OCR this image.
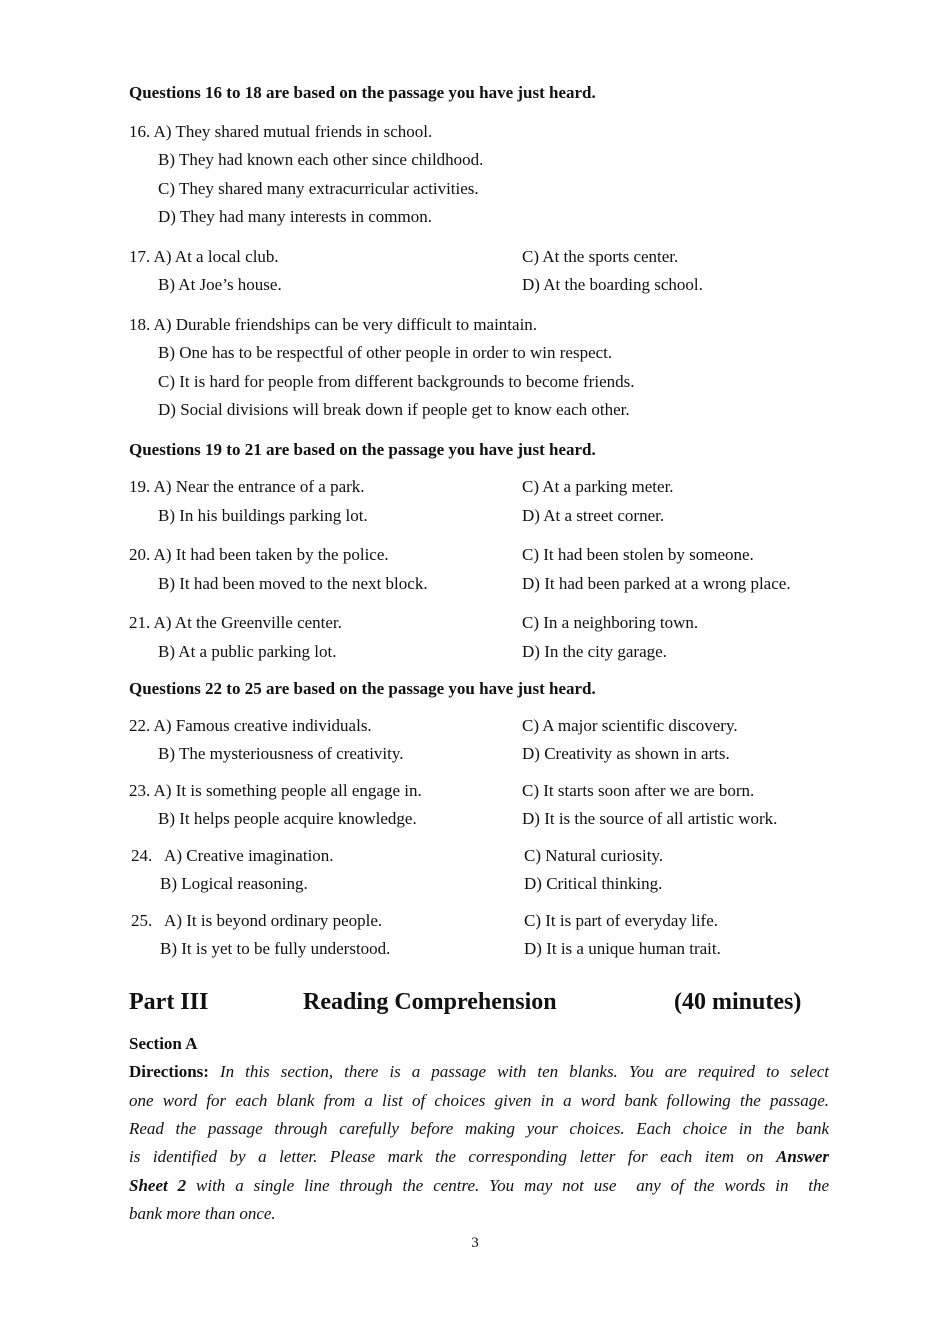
Questions 16 to 18 are based on the passage you have just heard.
16. A) They shared mutual friends in school.
B) They had known each other since childhood.
C) They shared many extracurricular activities.
D) They had many interests in common.
17. A) At a local club.
B) At Joe’s house.
C) At the sports center.
D) At the boarding school.
18. A) Durable friendships can be very difficult to maintain.
B) One has to be respectful of other people in order to win respect.
C) It is hard for people from different backgrounds to become friends.
D) Social divisions will break down if people get to know each other.
Questions 19 to 21 are based on the passage you have just heard.
19. A) Near the entrance of a park.
B) In his buildings parking lot.
C) At a parking meter.
D) At a street corner.
20. A) It had been taken by the police.
B) It had been moved to the next block.
C) It had been stolen by someone.
D) It had been parked at a wrong place.
21. A) At the Greenville center.
B) At a public parking lot.
C) In a neighboring town.
D) In the city garage.
Questions 22 to 25 are based on the passage you have just heard.
22. A) Famous creative individuals.
B) The mysteriousness of creativity.
C) A major scientific discovery.
D) Creativity as shown in arts.
23. A) It is something people all engage in.
B) It helps people acquire knowledge.
C) It starts soon after we are born.
D) It is the source of all artistic work.
24.   A) Creative imagination.
B) Logical reasoning.
C) Natural curiosity.
D) Critical thinking.
25.   A) It is beyond ordinary people.
B) It is yet to be fully understood.
C) It is part of everyday life.
D) It is a unique human trait.
Part III	Reading Comprehension	(40 minutes)
Section A
Directions: In this section, there is a passage with ten blanks. You are required to select
one word for each blank from a list of choices given in a word bank following the passage.
Read the passage through carefully before making your choices. Each choice in the bank
is identified by a letter. Please mark the corresponding letter for each item on Answer
Sheet 2 with a single line through the centre. You may not use  any of the words in  the
bank more than once.
3
